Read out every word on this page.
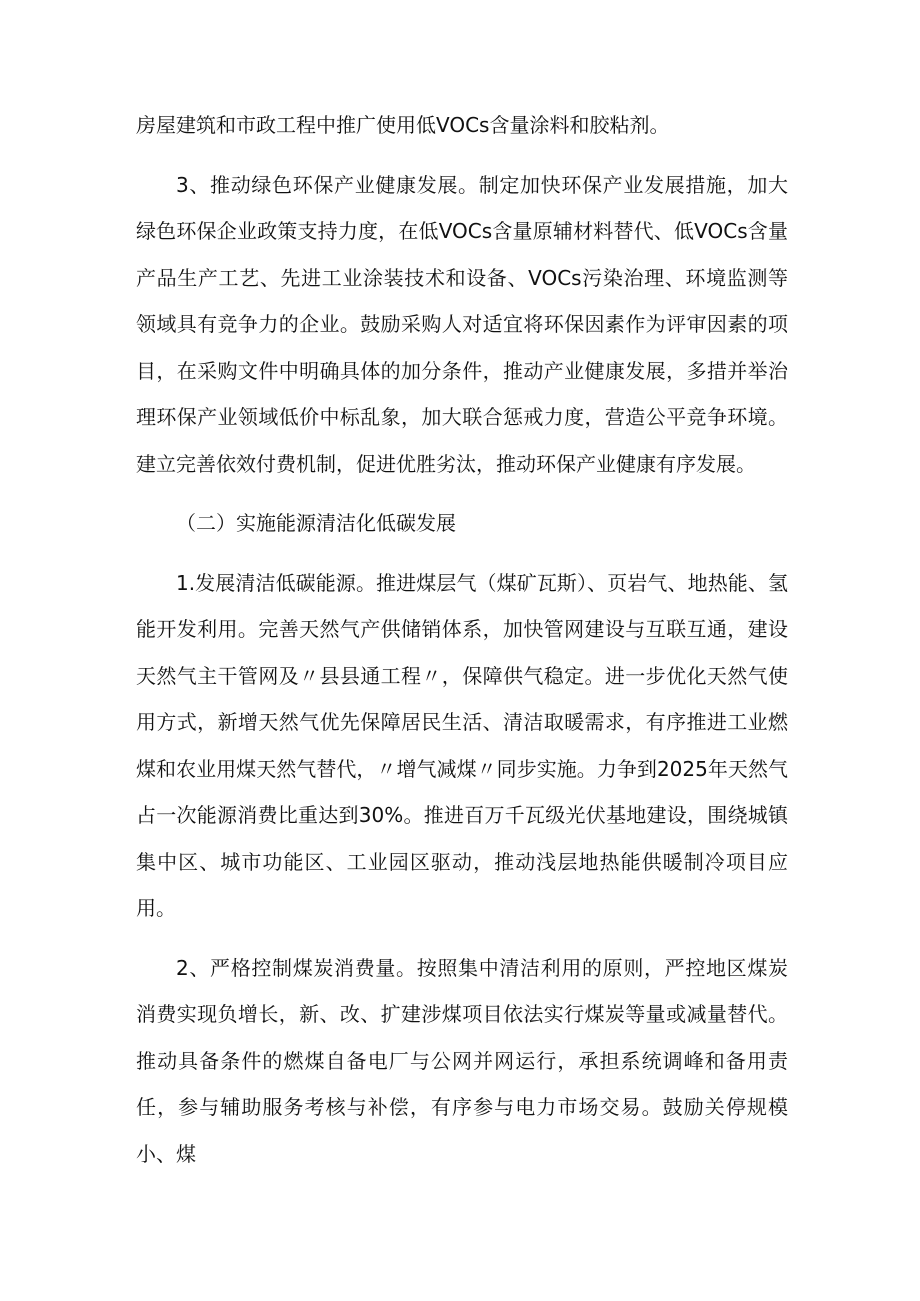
房屋建筑和市政工程中推广使用低VOCs含量涂料和胶粘剂。

3、推动绿色环保产业健康发展。制定加快环保产业发展措施，加大绿色环保企业政策支持力度，在低VOCs含量原辅材料替代、低VOCs含量产品生产工艺、先进工业涂装技术和设备、VOCs污染治理、环境监测等领域具有竞争力的企业。鼓励采购人对适宜将环保因素作为评审因素的项目，在采购文件中明确具体的加分条件，推动产业健康发展，多措并举治理环保产业领域低价中标乱象，加大联合惩戒力度，营造公平竞争环境。建立完善依效付费机制，促进优胜劣汰，推动环保产业健康有序发展。

（二）实施能源清洁化低碳发展

1.发展清洁低碳能源。推进煤层气（煤矿瓦斯）、页岩气、地热能、氢能开发利用。完善天然气产供储销体系，加快管网建设与互联互通，建设天然气主干管网及〃县县通工程〃，保障供气稳定。进一步优化天然气使用方式，新增天然气优先保障居民生活、清洁取暖需求，有序推进工业燃煤和农业用煤天然气替代，〃增气减煤〃同步实施。力争到2025年天然气占一次能源消费比重达到30%。推进百万千瓦级光伏基地建设，围绕城镇集中区、城市功能区、工业园区驱动，推动浅层地热能供暖制冷项目应用。

2、严格控制煤炭消费量。按照集中清洁利用的原则，严控地区煤炭消费实现负增长，新、改、扩建涉煤项目依法实行煤炭等量或减量替代。推动具备条件的燃煤自备电厂与公网并网运行，承担系统调峰和备用责任，参与辅助服务考核与补偿，有序参与电力市场交易。鼓励关停规模小、煤
